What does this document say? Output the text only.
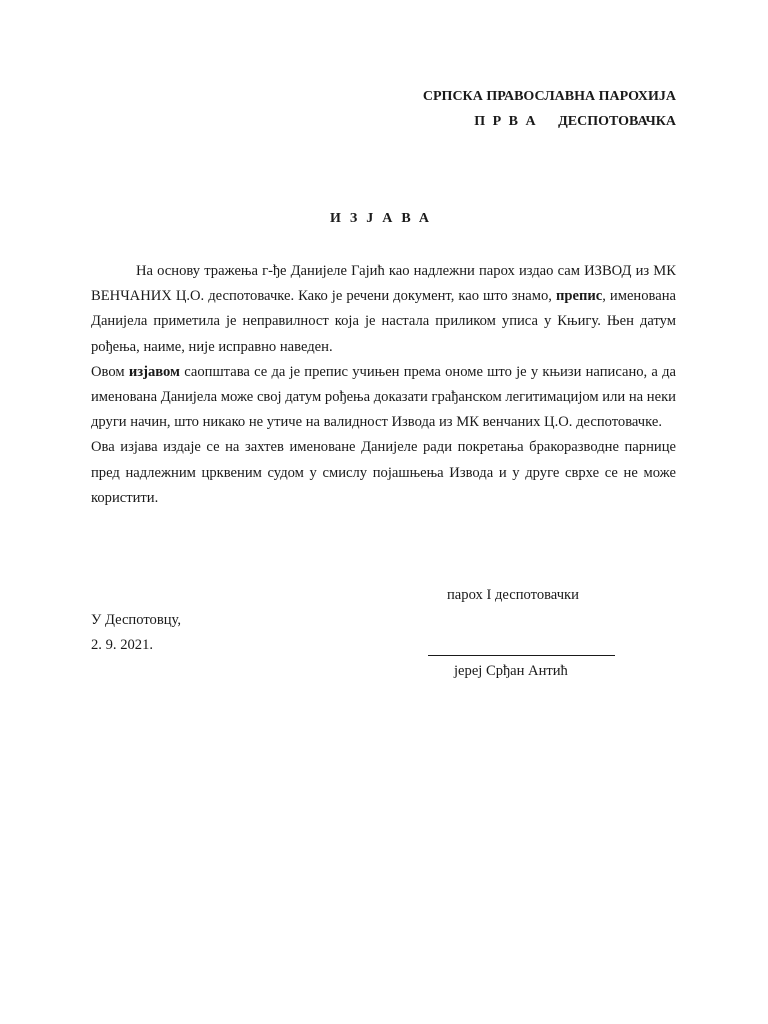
СРПСКА ПРАВОСЛАВНА ПАРОХИЈА
П Р В А   ДЕСПОТОВАЧКА
ИЗЈАВА

На основу тражења г-ђе Данијеле Гајић као надлежни парох издао сам ИЗВОД из МК ВЕНЧАНИХ Ц.О. деспотовачке. Како је речени документ, као што знамо, препис, именована Данијела приметила је неправилност која је настала приликом уписа у Књигу. Њен датум рођења, наиме, није исправно наведен.

Овом изјавом саопштава се да је препис учињен према ономе што је у књизи написано, а да именована Данијела може свој датум рођења доказати грађанском легитимацијом или на неки други начин, што никако не утиче на валидност Извода из МК венчаних Ц.О. деспотовачке.

Ова изјава издаје се на захтев именоване Данијеле ради покретања бракоразводне парнице пред надлежним црквеним судом у смислу појашњења Извода и у друге сврхе се не може користити.

парох I деспотовачки
У Деспотовцу,
2. 9. 2021.
јереј Срђан Антић
